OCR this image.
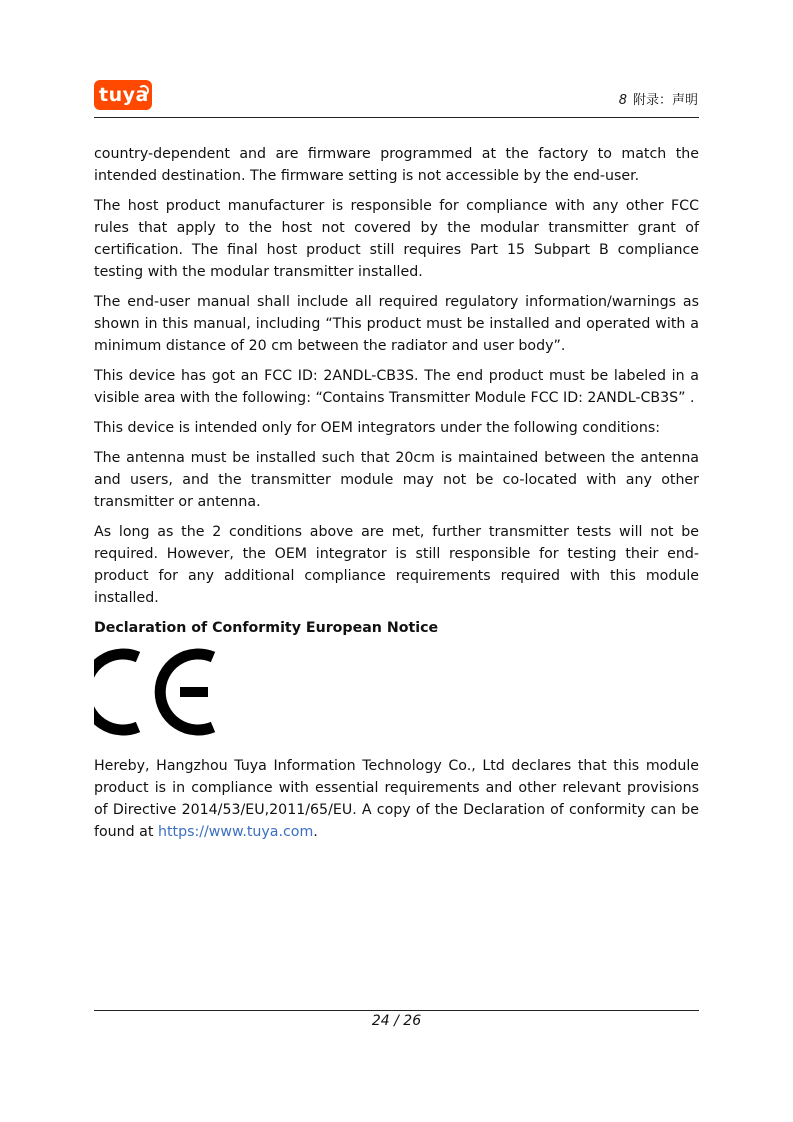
tuya	8 附录：声明

country-dependent and are firmware programmed at the factory to match the intended destination. The firmware setting is not accessible by the end-user.

The host product manufacturer is responsible for compliance with any other FCC rules that apply to the host not covered by the modular transmitter grant of certification. The final host product still requires Part 15 Subpart B compliance testing with the modular transmitter installed.

The end-user manual shall include all required regulatory information/warnings as shown in this manual, including “This product must be installed and operated with a minimum distance of 20 cm between the radiator and user body”.

This device has got an FCC ID: 2ANDL-CB3S. The end product must be labeled in a visible area with the following: “Contains Transmitter Module FCC ID: 2ANDL-CB3S” .

This device is intended only for OEM integrators under the following conditions:

The antenna must be installed such that 20cm is maintained between the antenna and users, and the transmitter module may not be co-located with any other transmitter or antenna.

As long as the 2 conditions above are met, further transmitter tests will not be required. However, the OEM integrator is still responsible for testing their end-product for any additional compliance requirements required with this module installed.

Declaration of Conformity European Notice

Hereby, Hangzhou Tuya Information Technology Co., Ltd declares that this module product is in compliance with essential requirements and other relevant provisions of Directive 2014/53/EU,2011/65/EU. A copy of the Declaration of conformity can be found at https://www.tuya.com.

24 / 26
